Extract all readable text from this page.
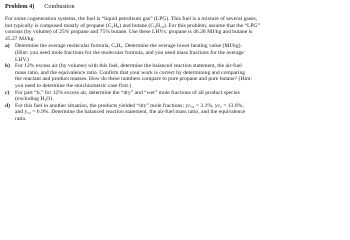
Problem 4) Combustion
For some cogeneration systems, the fuel is “liquid petroleum gas” (LPG). This fuel is a mixture of several gases,
but typically is composed mostly of propane (C₃H₈) and butane (C₄H₁₀). For this problem, assume that the “LPG”
consists (by volume) of 25% propane and 75% butane. Use these LHVs: propane is 46.28 MJ/kg and butane is
45.27 MJ/kg.
a) Determine the average molecular formula, CₓHᵧ. Determine the average lower heating value (MJ/kg).
(Hint: you need mole fractions for the molecular formula, and you need mass fractions for the average
LHV.)
b) For 12% excess air (by volume) with this fuel, determine the balanced reaction statement, the air-fuel
mass ratio, and the equivalence ratio. Confirm that your work is correct by determining and comparing
the reactant and product masses. How do these numbers compare to pure propane and pure butane? (Hint:
you need to determine the stoichiometric case first.)
c) For part “b,” for 12% excess air, determine the “dry” and “wet” mole fractions of all product species
(excluding H₂O).
d) For this fuel in another situation, the products yielded “dry” mole fractions: yᴄₒ₂ = 3.1%, yᴄₒ = 13.8%,
and yₒ₂ = 6.9%. Determine the balanced reaction statement, the air-fuel mass ratio, and the equivalence
ratio.
